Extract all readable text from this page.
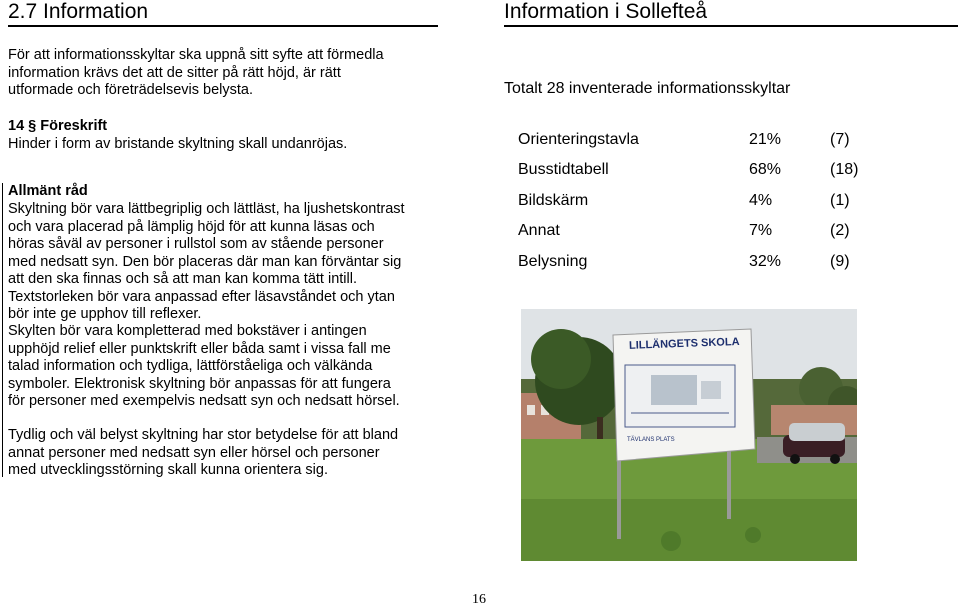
2.7 Information
För att informationsskyltar ska uppnå sitt syfte att förmedla information krävs det att de sitter på rätt höjd, är rätt utformade och företrädelsevis belysta.
14 § Föreskrift
Hinder i form av bristande skyltning skall undanröjas.
Allmänt råd
Skyltning bör vara lättbegriplig och lättläst, ha ljushetskontrast och vara placerad på lämplig höjd för att kunna läsas och höras såväl av personer i rullstol som av stående personer med nedsatt syn. Den bör placeras där man kan förväntar sig att den ska finnas och så att man kan komma tätt intill. Textstorleken bör vara anpassad efter läsavståndet och ytan bör inte ge upphov till reflexer.
Skylten bör vara kompletterad med bokstäver i antingen upphöjd relief eller punktskrift eller båda samt i vissa fall me talad information och tydliga, lättförståeliga och välkända symboler. Elektronisk skyltning bör anpassas för att fungera för personer med exempelvis nedsatt syn och nedsatt hörsel.
Tydlig och väl belyst skyltning har stor betydelse för att bland annat personer med nedsatt syn eller hörsel och personer med utvecklingsstörning skall kunna orientera sig.
Information i Sollefteå
Totalt 28 inventerade informationsskyltar
Orienteringstavla	21%	(7)
Busstidtabell	68%	(18)
Bildskärm	4%	(1)
Annat	7%	(2)
Belysning	32%	(9)
LILLÄNGETS SKOLA
TÄVLANS PLATS
16
